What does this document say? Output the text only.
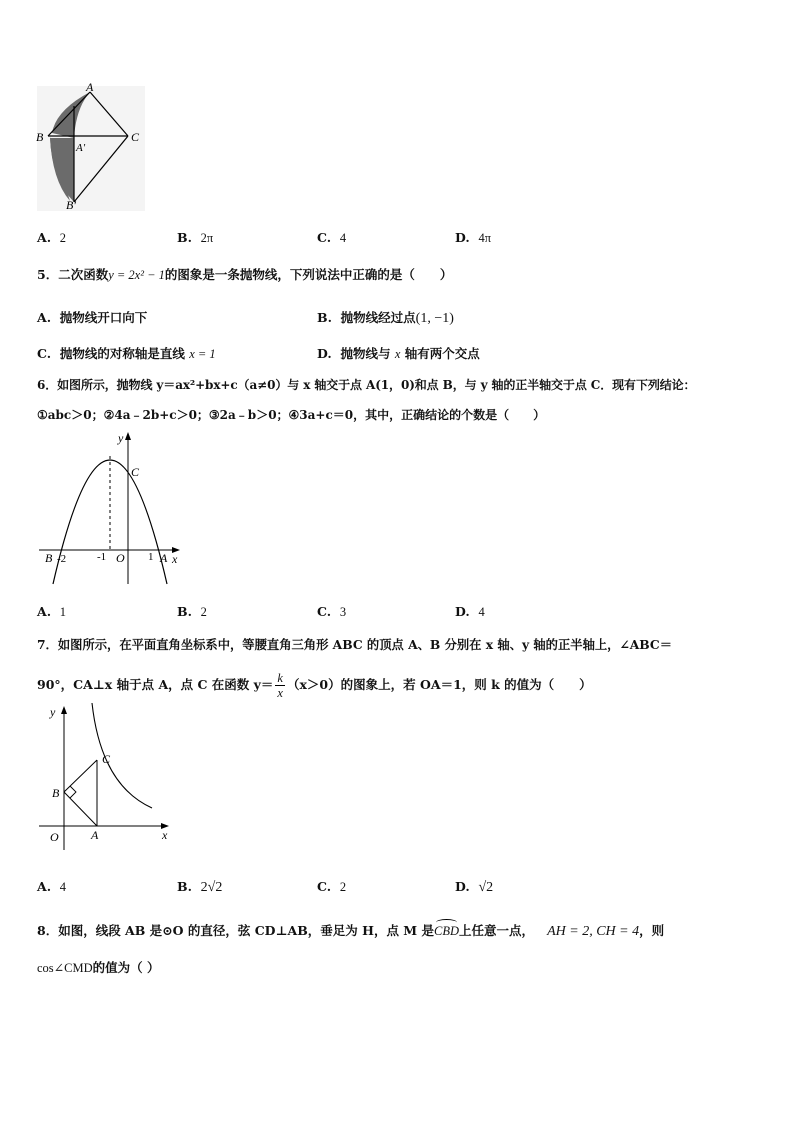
A
B	C
A′
B′
A. 2	B. 2π	C. 4	D. 4π
5．二次函数y = 2x² − 1的图象是一条抛物线，下列说法中正确的是（　　）
A. 抛物线开口向下	B. 抛物线经过点(1, −1)
C. 抛物线的对称轴是直线 x = 1	D. 抛物线与 x 轴有两个交点
6．如图所示，抛物线 y＝ax²+bx+c（a≠0）与 x 轴交于点 A(1，0)和点 B，与 y 轴的正半轴交于点 C．现有下列结论：
①abc＞0；②4a﹣2b+c＞0；③2a﹣b＞0；④3a+c＝0，其中，正确结论的个数是（　　）
y
C
B -2	-1 O 1 A x
A. 1	B. 2	C. 3	D. 4
7．如图所示，在平面直角坐标系中，等腰直角三角形 ABC 的顶点 A、B 分别在 x 轴、y 轴的正半轴上，∠ABC＝
90°，CA⊥x 轴于点 A，点 C 在函数 $y= \frac{k}{x} (x>0)$的图象上，若 OA＝1，则 k 的值为（　　）
y
C
B
O	A	x
A. 4	B. 2√2	C. 2	D. √2
8．如图，线段 AB 是⊙O 的直径，弦 CD⊥AB，垂足为 H，点 M 是
CBD上任意一点， AH = 2, CH = 4，则
cos∠CMD的值为（ ）
